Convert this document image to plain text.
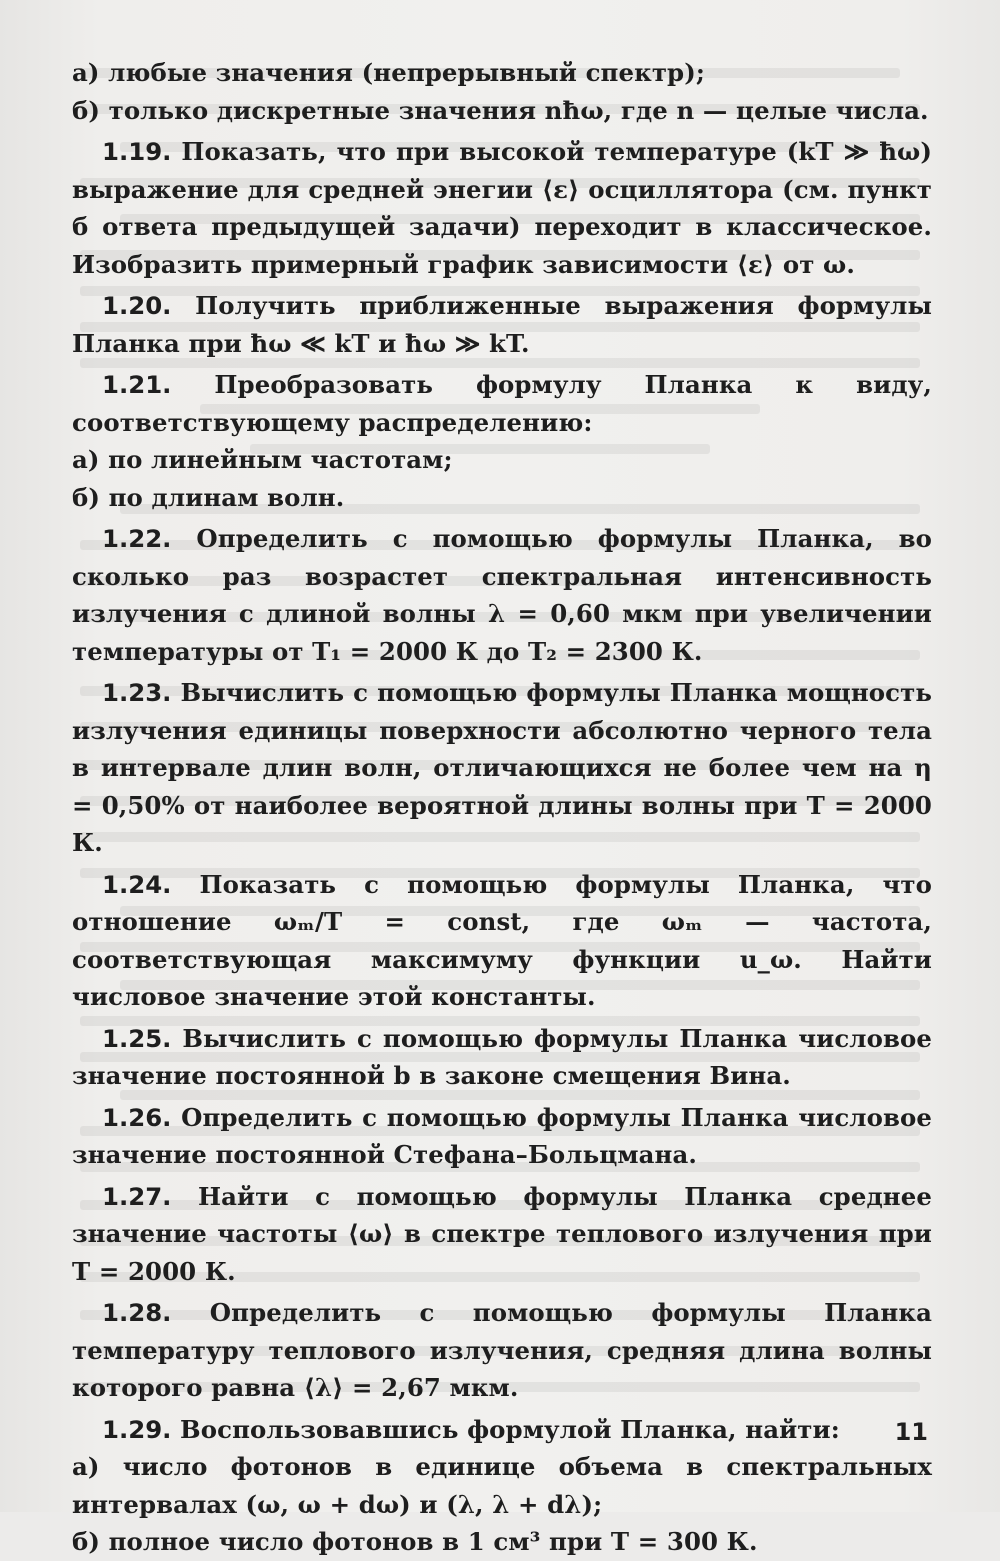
а) любые значения (непрерывный спектр);

б) только дискретные значения nħω, где n — целые числа.

1.19. Показать, что при высокой температуре (kT ≫ ħω) выражение для средней энегии ⟨ε⟩ осциллятора (см. пункт б ответа предыдущей задачи) переходит в классическое. Изобразить примерный график зависимости ⟨ε⟩ от ω.

1.20. Получить приближенные выражения формулы Планка при ħω ≪ kT и ħω ≫ kT.

1.21. Преобразовать формулу Планка к виду, соответствующему распределению:

а) по линейным частотам;

б) по длинам волн.

1.22. Определить с помощью формулы Планка, во сколько раз возрастет спектральная интенсивность излучения с длиной волны λ = 0,60 мкм при увеличении температуры от T₁ = 2000 К до T₂ = 2300 К.

1.23. Вычислить с помощью формулы Планка мощность излучения единицы поверхности абсолютно черного тела в интервале длин волн, отличающихся не более чем на η = 0,50% от наиболее вероятной длины волны при T = 2000 К.

1.24. Показать с помощью формулы Планка, что отношение ωₘ/T = const, где ωₘ — частота, соответствующая максимуму функции u_ω. Найти числовое значение этой константы.

1.25. Вычислить с помощью формулы Планка числовое значение постоянной b в законе смещения Вина.

1.26. Определить с помощью формулы Планка числовое значение постоянной Стефана–Больцмана.

1.27. Найти с помощью формулы Планка среднее значение частоты ⟨ω⟩ в спектре теплового излучения при T = 2000 К.

1.28. Определить с помощью формулы Планка температуру теплового излучения, средняя длина волны которого равна ⟨λ⟩ = 2,67 мкм.

1.29. Воспользовавшись формулой Планка, найти:

а) число фотонов в единице объема в спектральных интервалах (ω, ω + dω) и (λ, λ + dλ);

б) полное число фотонов в 1 см³ при T = 300 К.

11
